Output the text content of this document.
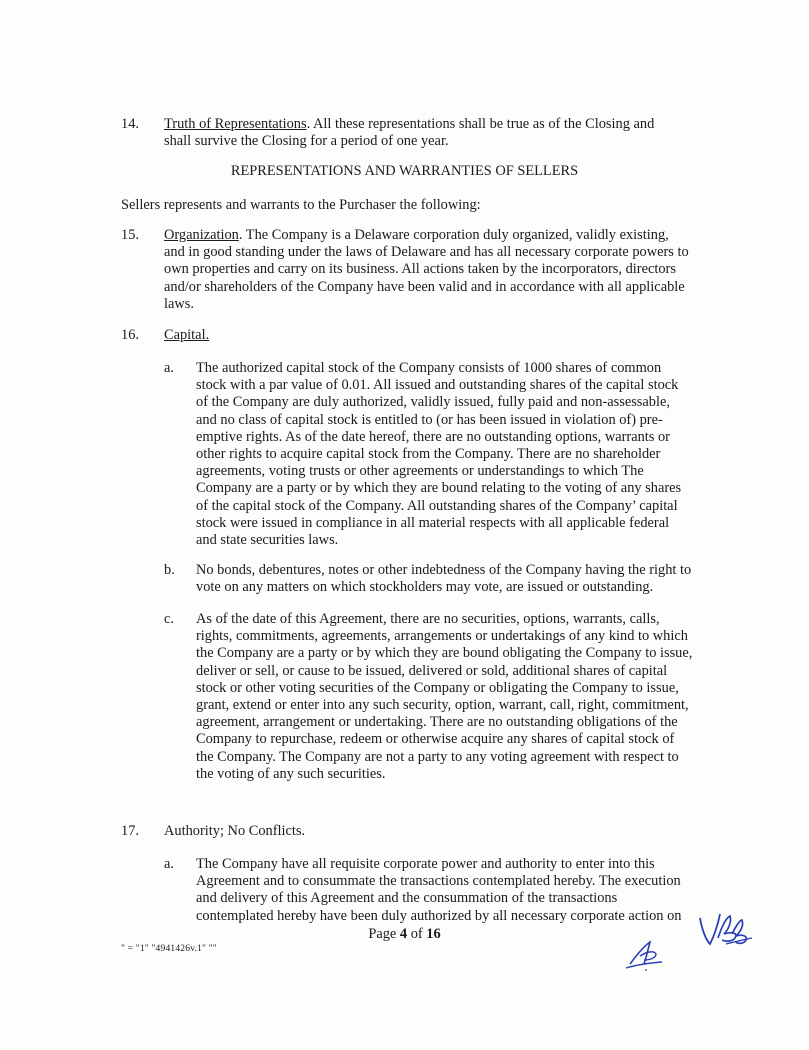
14. Truth of Representations. All these representations shall be true as of the Closing and shall survive the Closing for a period of one year.
REPRESENTATIONS AND WARRANTIES OF SELLERS
Sellers represents and warrants to the Purchaser the following:
15. Organization. The Company is a Delaware corporation duly organized, validly existing, and in good standing under the laws of Delaware and has all necessary corporate powers to own properties and carry on its business. All actions taken by the incorporators, directors and/or shareholders of the Company have been valid and in accordance with all applicable laws.
16. Capital.
a. The authorized capital stock of the Company consists of 1000 shares of common stock with a par value of 0.01. All issued and outstanding shares of the capital stock of the Company are duly authorized, validly issued, fully paid and non-assessable, and no class of capital stock is entitled to (or has been issued in violation of) pre-emptive rights. As of the date hereof, there are no outstanding options, warrants or other rights to acquire capital stock from the Company. There are no shareholder agreements, voting trusts or other agreements or understandings to which The Company are a party or by which they are bound relating to the voting of any shares of the capital stock of the Company. All outstanding shares of the Company’ capital stock were issued in compliance in all material respects with all applicable federal and state securities laws.
b. No bonds, debentures, notes or other indebtedness of the Company having the right to vote on any matters on which stockholders may vote, are issued or outstanding.
c. As of the date of this Agreement, there are no securities, options, warrants, calls, rights, commitments, agreements, arrangements or undertakings of any kind to which the Company are a party or by which they are bound obligating the Company to issue, deliver or sell, or cause to be issued, delivered or sold, additional shares of capital stock or other voting securities of the Company or obligating the Company to issue, grant, extend or enter into any such security, option, warrant, call, right, commitment, agreement, arrangement or undertaking. There are no outstanding obligations of the Company to repurchase, redeem or otherwise acquire any shares of capital stock of the Company. The Company are not a party to any voting agreement with respect to the voting of any such securities.
17. Authority; No Conflicts.
a. The Company have all requisite corporate power and authority to enter into this Agreement and to consummate the transactions contemplated hereby. The execution and delivery of this Agreement and the consummation of the transactions contemplated hereby have been duly authorized by all necessary corporate action on
Page 4 of 16
" = "1" "4941426v.1" ""
